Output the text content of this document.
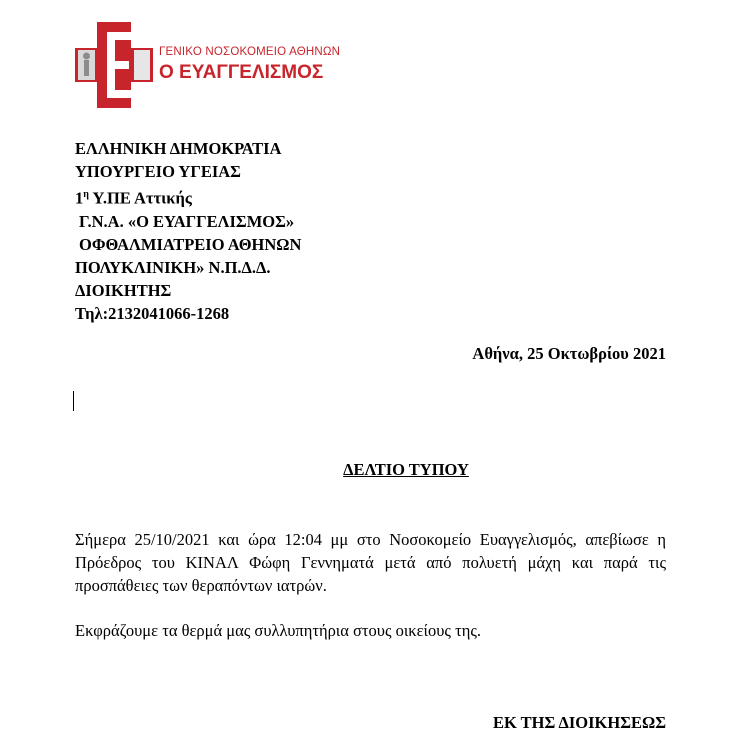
ΓΕΝΙΚΟ ΝΟΣΟΚΟΜΕΙΟ ΑΘΗΝΩΝ
Ο ΕΥΑΓΓΕΛΙΣΜΟΣ
ΕΛΛΗΝΙΚΗ ΔΗΜΟΚΡΑΤΙΑ
ΥΠΟΥΡΓΕΙΟ ΥΓΕΙΑΣ
$1^\eta$ Υ.ΠΕ Αττικής
Γ.Ν.Α. «Ο ΕΥΑΓΓΕΛΙΣΜΟΣ»
ΟΦΘΑΛΜΙΑΤΡΕΙΟ ΑΘΗΝΩΝ
ΠΟΛΥΚΛΙΝΙΚΗ» Ν.Π.Δ.Δ.
ΔΙΟΙΚΗΤΗΣ
Τηλ:2132041066-1268
Αθήνα, 25 Οκτωβρίου 2021
ΔΕΛΤΙΟ ΤΥΠΟΥ
Σήμερα 25/10/2021 και ώρα 12:04 μμ στο Νοσοκομείο Ευαγγελισμός, απεβίωσε η Πρόεδρος του ΚΙΝΑΛ Φώφη Γεννηματά μετά από πολυετή μάχη και παρά τις προσπάθειες των θεραπόντων ιατρών.
Εκφράζουμε τα θερμά μας συλλυπητήρια στους οικείους της.
ΕΚ ΤΗΣ ΔΙΟΙΚΗΣΕΩΣ
